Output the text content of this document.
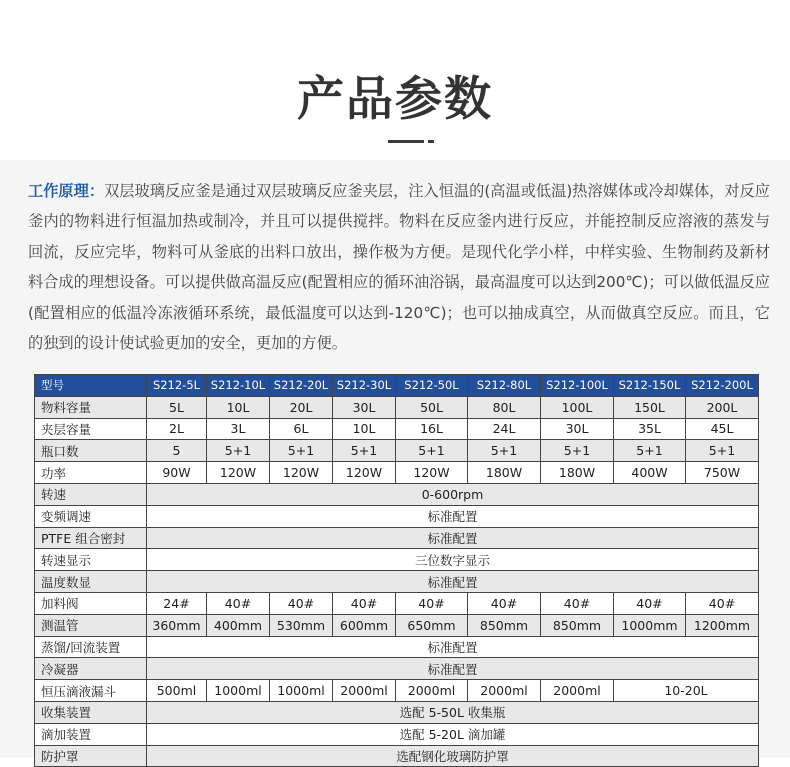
产品参数
工作原理：双层玻璃反应釜是通过双层玻璃反应釜夹层，注入恒温的(高温或低温)热溶媒体或冷却媒体，对反应釜内的物料进行恒温加热或制冷，并且可以提供搅拌。物料在反应釜内进行反应，并能控制反应溶液的蒸发与回流，反应完毕，物料可从釜底的出料口放出，操作极为方便。是现代化学小样，中样实验、生物制药及新材料合成的理想设备。可以提供做高温反应(配置相应的循环油浴锅，最高温度可以达到200℃)；可以做低温反应(配置相应的低温冷冻液循环系统，最低温度可以达到-120℃)；也可以抽成真空，从而做真空反应。而且，它的独到的设计使试验更加的安全，更加的方便。
型号	S212-5L	S212-10L	S212-20L	S212-30L	S212-50L	S212-80L	S212-100L	S212-150L	S212-200L
物料容量	5L	10L	20L	30L	50L	80L	100L	150L	200L
夹层容量	2L	3L	6L	10L	16L	24L	30L	35L	45L
瓶口数	5	5+1	5+1	5+1	5+1	5+1	5+1	5+1	5+1
功率	90W	120W	120W	120W	120W	180W	180W	400W	750W
转速	0-600rpm								
变频调速	标准配置								
PTFE 组合密封	标准配置								
转速显示	三位数字显示								
温度数显	标准配置								
加料阀	24#	40#	40#	40#	40#	40#	40#	40#	40#
测温管	360mm	400mm	530mm	600mm	650mm	850mm	850mm	1000mm	1200mm
蒸馏/回流装置	标准配置								
冷凝器	标准配置								
恒压滴液漏斗	500ml	1000ml	1000ml	2000ml	2000ml	2000ml	2000ml	10-20L	
收集装置	选配 5-50L 收集瓶								
滴加装置	选配 5-20L 滴加罐								
防护罩	选配钢化玻璃防护罩								
